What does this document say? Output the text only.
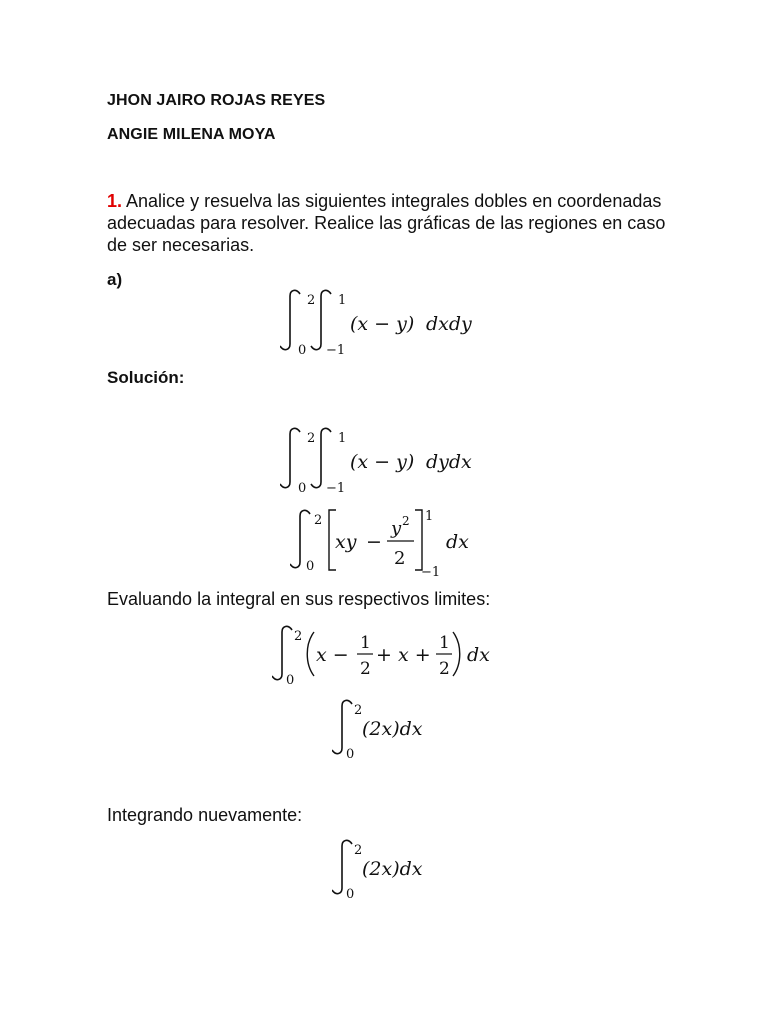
JHON JAIRO ROJAS REYES
ANGIE MILENA MOYA
1. Analice y resuelva las siguientes integrales dobles en coordenadas adecuadas para resolver. Realice las gráficas de las regiones en caso de ser necesarias.
a)
2
0
1
−1
(x − y) dxdy
Solución:
2
0
1
−1
(x − y) dydx
2
0
xy −
y 2
2
1
−1
dx
Evaluando la integral en sus respectivos limites:
2
0
x −
1
2
+ x +
1
2
dx
2
0
(2x)dx
Integrando nuevamente:
2
0
(2x)dx
